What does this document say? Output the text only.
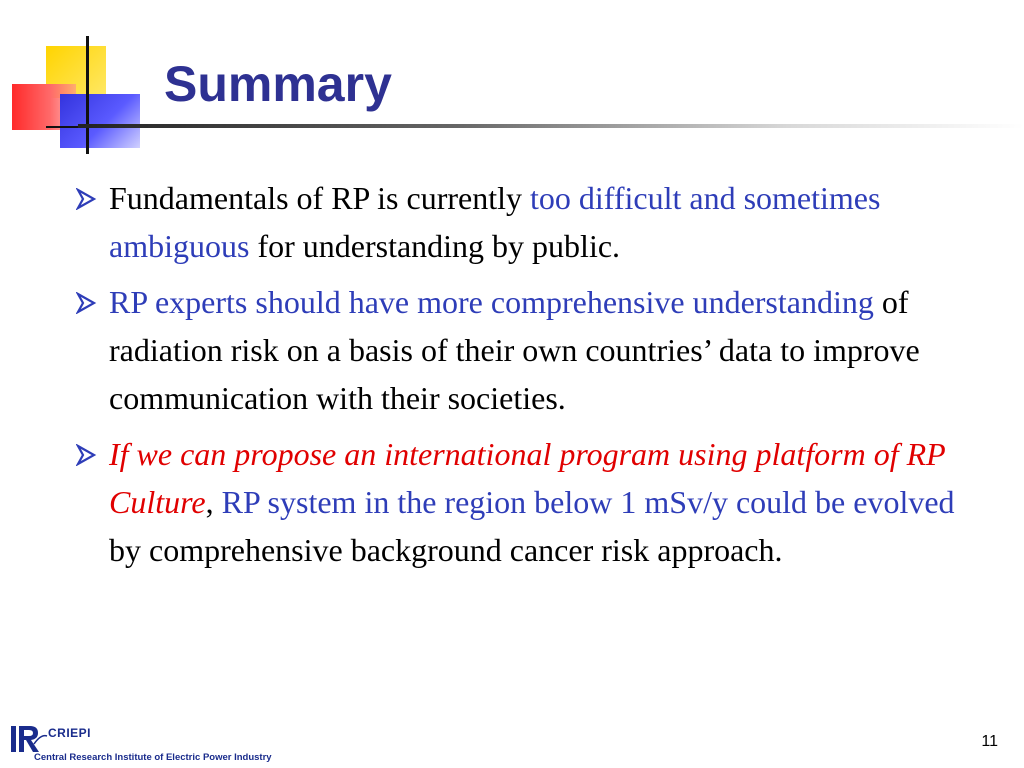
Summary
Fundamentals of RP is currently too difficult and sometimes ambiguous for understanding by public.
RP experts should have more comprehensive understanding of radiation risk on a basis of their own countries’ data to improve communication with their societies.
If we can propose an international program using platform of RP Culture, RP system in the region below 1 mSv/y could be evolved by comprehensive background cancer risk approach.
CRIEPI
Central Research Institute of Electric Power Industry
11
